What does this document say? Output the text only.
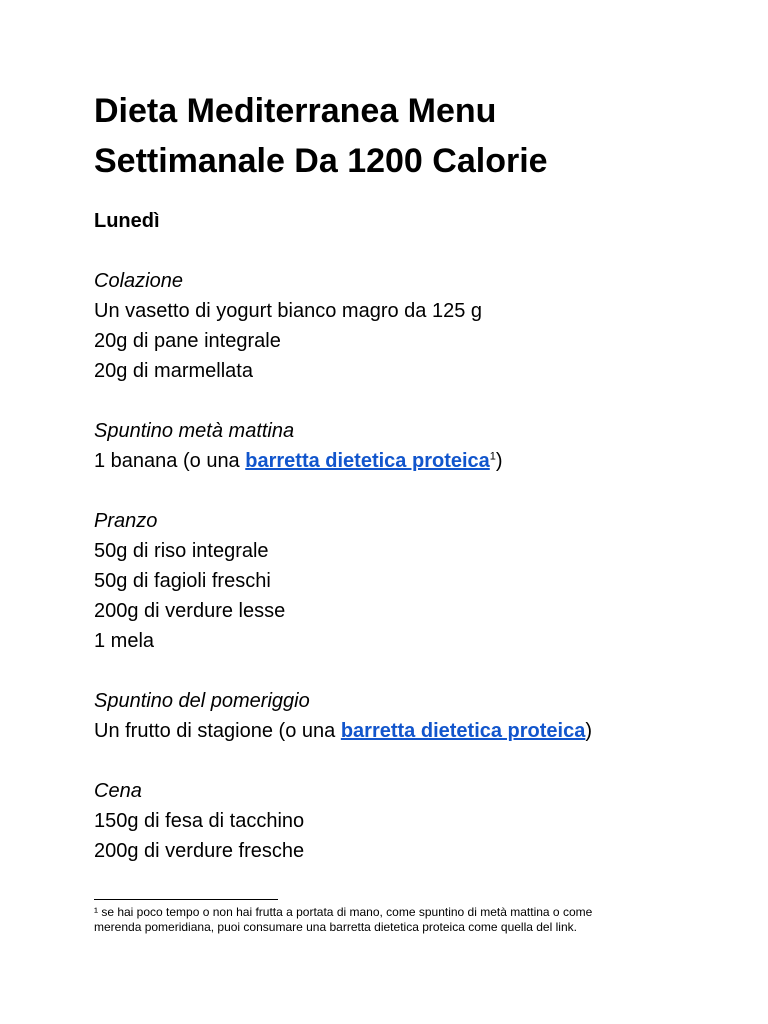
Dieta Mediterranea Menu
Settimanale Da 1200 Calorie
Lunedì
Colazione
Un vasetto di yogurt bianco magro da 125 g
20g di pane integrale
20g di marmellata
Spuntino metà mattina
1 banana (o una barretta dietetica proteica$^1$)
Pranzo
50g di riso integrale
50g di fagioli freschi
200g di verdure lesse
1 mela
Spuntino del pomeriggio
Un frutto di stagione (o una barretta dietetica proteica)
Cena
150g di fesa di tacchino
200g di verdure fresche
¹ se hai poco tempo o non hai frutta a portata di mano, come spuntino di metà mattina o come
merenda pomeridiana, puoi consumare una barretta dietetica proteica come quella del link.
